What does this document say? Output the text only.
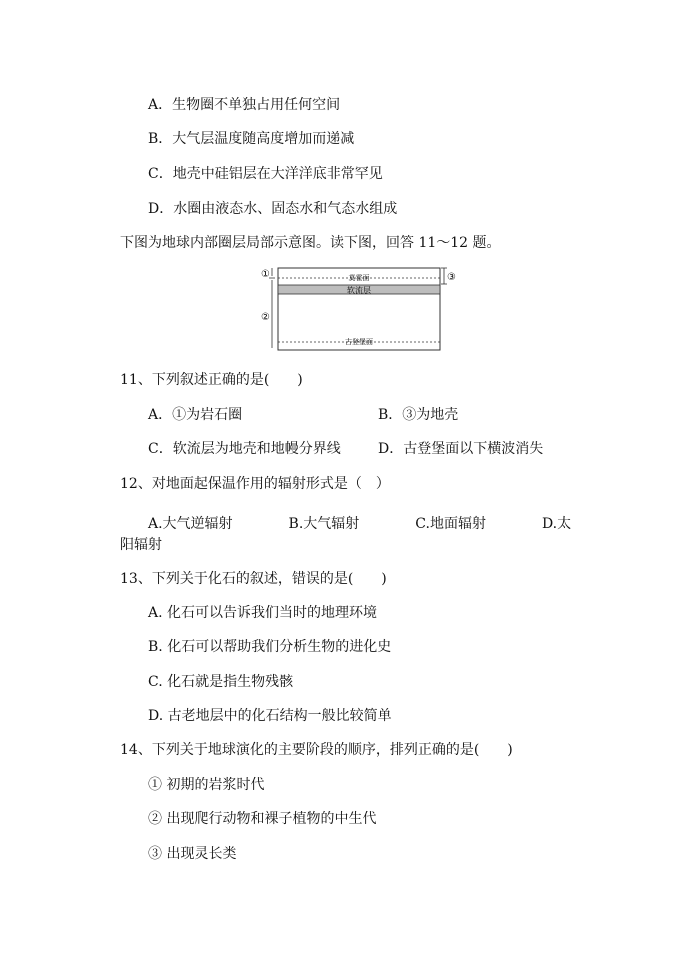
A．生物圈不单独占用任何空间
B．大气层温度随高度增加而递减
C．地壳中硅铝层在大洋洋底非常罕见
D．水圈由液态水、固态水和气态水组成
下图为地球内部圈层局部示意图。读下图，回答 11～12 题。
①
②
③
莫霍面
软流层
古登堡面
11、下列叙述正确的是(　　)
A．①为岩石圈	B．③为地壳
C．软流层为地壳和地幔分界线	D．古登堡面以下横波消失
12、对地面起保温作用的辐射形式是（　）
A.大气逆辐射　　　　B.大气辐射　　　　C.地面辐射　　　　D.太
阳辐射
13、下列关于化石的叙述，错误的是(　　)
A. 化石可以告诉我们当时的地理环境
B. 化石可以帮助我们分析生物的进化史
C. 化石就是指生物残骸
D. 古老地层中的化石结构一般比较简单
14、下列关于地球演化的主要阶段的顺序，排列正确的是(　　)
① 初期的岩浆时代
② 出现爬行动物和裸子植物的中生代
③ 出现灵长类
